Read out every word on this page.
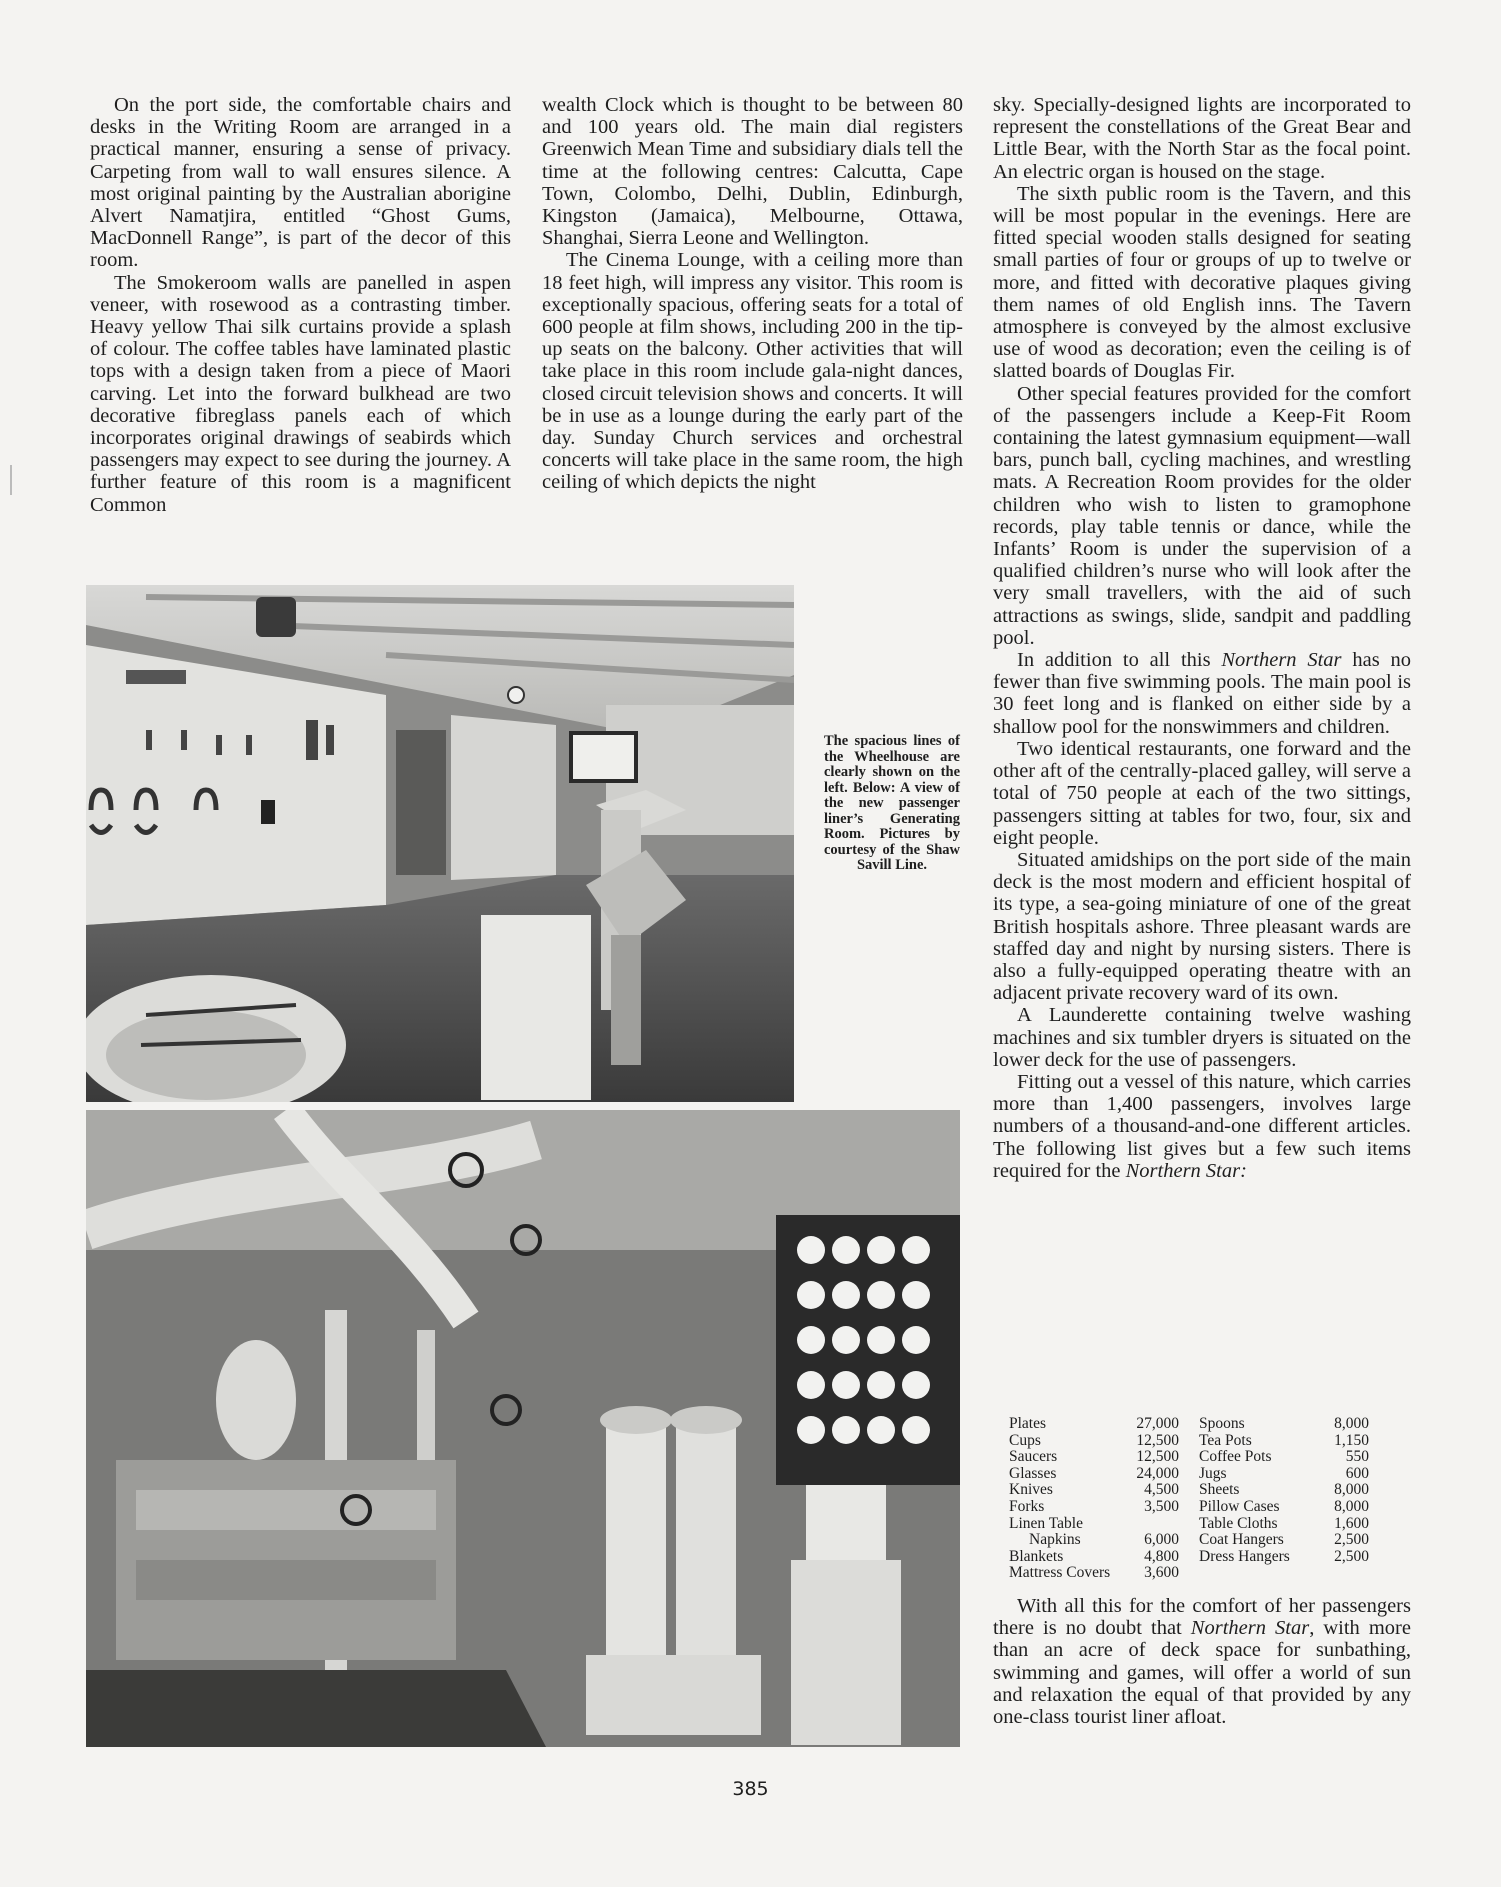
On the port side, the comfortable chairs and desks in the Writing Room are arranged in a practical manner, ensuring a sense of privacy. Carpeting from wall to wall ensures silence. A most original painting by the Australian aborigine Alvert Namatjira, entitled “Ghost Gums, MacDonnell Range”, is part of the decor of this room.

The Smokeroom walls are panelled in aspen veneer, with rosewood as a contrasting timber. Heavy yellow Thai silk curtains provide a splash of colour. The coffee tables have laminated plastic tops with a design taken from a piece of Maori carving. Let into the forward bulkhead are two decorative fibreglass panels each of which incorporates original drawings of seabirds which passengers may expect to see during the journey. A further feature of this room is a magnificent Common

wealth Clock which is thought to be between 80 and 100 years old. The main dial registers Greenwich Mean Time and subsidiary dials tell the time at the following centres: Calcutta, Cape Town, Colombo, Delhi, Dublin, Edinburgh, Kingston (Jamaica), Melbourne, Ottawa, Shanghai, Sierra Leone and Wellington.

The Cinema Lounge, with a ceiling more than 18 feet high, will impress any visitor. This room is exceptionally spacious, offering seats for a total of 600 people at film shows, including 200 in the tip-up seats on the balcony. Other activities that will take place in this room include gala-night dances, closed circuit television shows and concerts. It will be in use as a lounge during the early part of the day. Sunday Church services and orchestral concerts will take place in the same room, the high ceiling of which depicts the night

sky. Specially-designed lights are incorporated to represent the constellations of the Great Bear and Little Bear, with the North Star as the focal point. An electric organ is housed on the stage.

The sixth public room is the Tavern, and this will be most popular in the evenings. Here are fitted special wooden stalls designed for seating small parties of four or groups of up to twelve or more, and fitted with decorative plaques giving them names of old English inns. The Tavern atmosphere is conveyed by the almost exclusive use of wood as decoration; even the ceiling is of slatted boards of Douglas Fir.

Other special features provided for the comfort of the passengers include a Keep-Fit Room containing the latest gymnasium equipment—wall bars, punch ball, cycling machines, and wrestling mats. A Recreation Room provides for the older children who wish to listen to gramophone records, play table tennis or dance, while the Infants’ Room is under the supervision of a qualified children’s nurse who will look after the very small travellers, with the aid of such attractions as swings, slide, sandpit and paddling pool.

In addition to all this Northern Star has no fewer than five swimming pools. The main pool is 30 feet long and is flanked on either side by a shallow pool for the nonswimmers and children.

Two identical restaurants, one forward and the other aft of the centrally-placed galley, will serve a total of 750 people at each of the two sittings, passengers sitting at tables for two, four, six and eight people.

Situated amidships on the port side of the main deck is the most modern and efficient hospital of its type, a sea-going miniature of one of the great British hospitals ashore. Three pleasant wards are staffed day and night by nursing sisters. There is also a fully-equipped operating theatre with an adjacent private recovery ward of its own.

A Launderette containing twelve washing machines and six tumbler dryers is situated on the lower deck for the use of passengers.

Fitting out a vessel of this nature, which carries more than 1,400 passengers, involves large numbers of a thousand-and-one different articles. The following list gives but a few such items required for the Northern Star:

The spacious lines of the Wheelhouse are clearly shown on the left. Below: A view of the new passenger liner’s Generating Room. Pictures by courtesy of the Shaw Savill Line.
Plates	27,000		Spoons	8,000
Cups	12,500		Tea Pots	1,150
Saucers	12,500		Coffee Pots	550
Glasses	24,000		Jugs	600
Knives	4,500		Sheets	8,000
Forks	3,500		Pillow Cases	8,000
Linen Table			Table Cloths	1,600
Napkins	6,000		Coat Hangers	2,500
Blankets	4,800		Dress Hangers	2,500
Mattress Covers	3,600			

With all this for the comfort of her passengers there is no doubt that Northern Star, with more than an acre of deck space for sunbathing, swimming and games, will offer a world of sun and relaxation the equal of that provided by any one-class tourist liner afloat.

385
